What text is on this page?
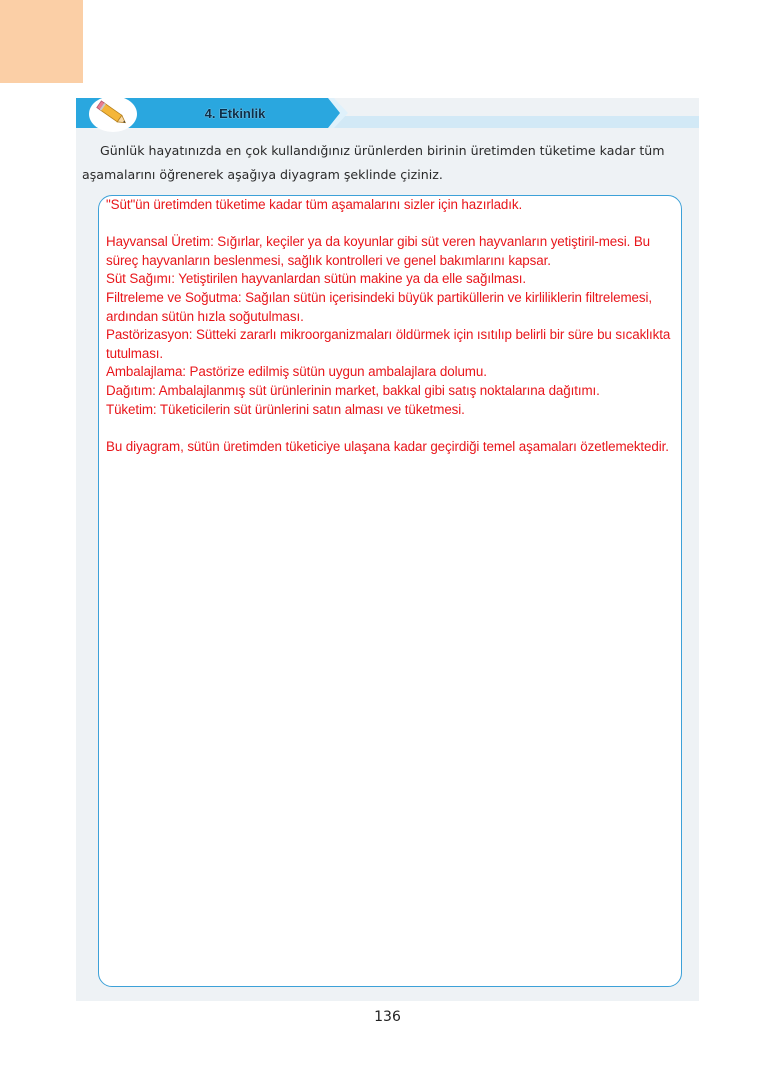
4. Etkinlik
Günlük hayatınızda en çok kullandığınız ürünlerden birinin üretimden tüketime kadar tüm aşamalarını öğrenerek aşağıya diyagram şeklinde çiziniz.

"Süt"ün üretimden tüketime kadar tüm aşamalarını sizler için hazırladık.

Hayvansal Üretim: Sığırlar, keçiler ya da koyunlar gibi süt veren hayvanların yetiştiril-mesi. Bu süreç hayvanların beslenmesi, sağlık kontrolleri ve genel bakımlarını kapsar.

Süt Sağımı: Yetiştirilen hayvanlardan sütün makine ya da elle sağılması.

Filtreleme ve Soğutma: Sağılan sütün içerisindeki büyük partiküllerin ve kirliliklerin filtrelemesi, ardından sütün hızla soğutulması.

Pastörizasyon: Sütteki zararlı mikroorganizmaları öldürmek için ısıtılıp belirli bir süre bu sıcaklıkta tutulması.

Ambalajlama: Pastörize edilmiş sütün uygun ambalajlara dolumu.

Dağıtım: Ambalajlanmış süt ürünlerinin market, bakkal gibi satış noktalarına dağıtımı.

Tüketim: Tüketicilerin süt ürünlerini satın alması ve tüketmesi.

Bu diyagram, sütün üretimden tüketiciye ulaşana kadar geçirdiği temel aşamaları özetlemektedir.

136
